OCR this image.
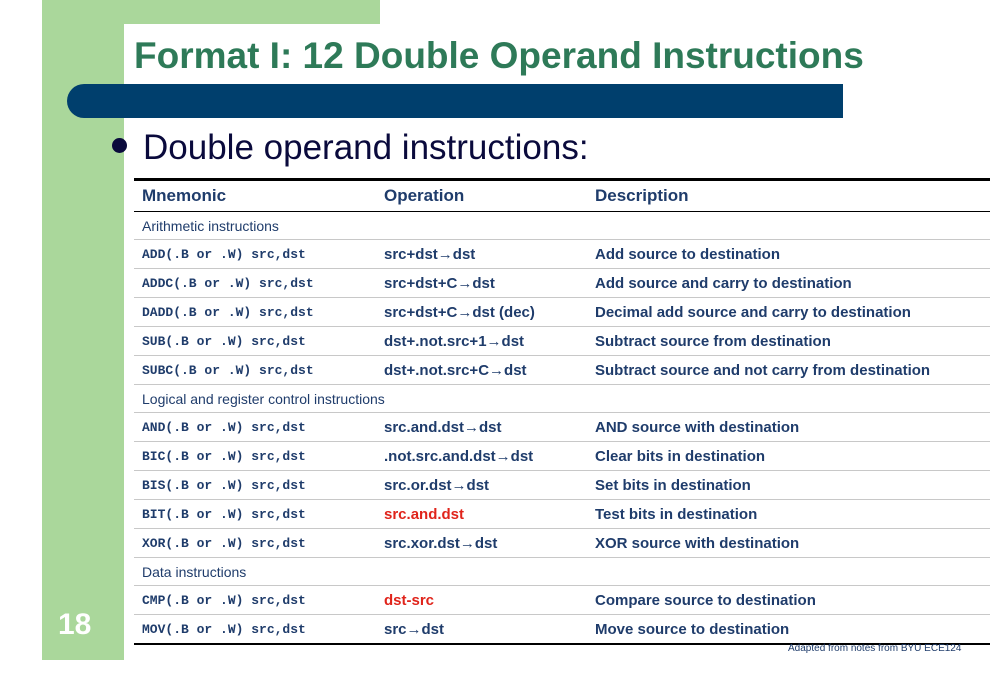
Format I: 12 Double Operand Instructions
Double operand instructions:
Mnemonic	Operation	Description
Arithmetic instructions		
ADD(.B or .W) src,dst	src+dst→dst	Add source to destination
ADDC(.B or .W) src,dst	src+dst+C→dst	Add source and carry to destination
DADD(.B or .W) src,dst	src+dst+C→dst (dec)	Decimal add source and carry to destination
SUB(.B or .W) src,dst	dst+.not.src+1→dst	Subtract source from destination
SUBC(.B or .W) src,dst	dst+.not.src+C→dst	Subtract source and not carry from destination
Logical and register control instructions		
AND(.B or .W) src,dst	src.and.dst→dst	AND source with destination
BIC(.B or .W) src,dst	.not.src.and.dst→dst	Clear bits in destination
BIS(.B or .W) src,dst	src.or.dst→dst	Set bits in destination
BIT(.B or .W) src,dst	src.and.dst	Test bits in destination
XOR(.B or .W) src,dst	src.xor.dst→dst	XOR source with destination
Data instructions		
CMP(.B or .W) src,dst	dst-src	Compare source to destination
MOV(.B or .W) src,dst	src→dst	Move source to destination
18
Adapted from notes from BYU ECE124
